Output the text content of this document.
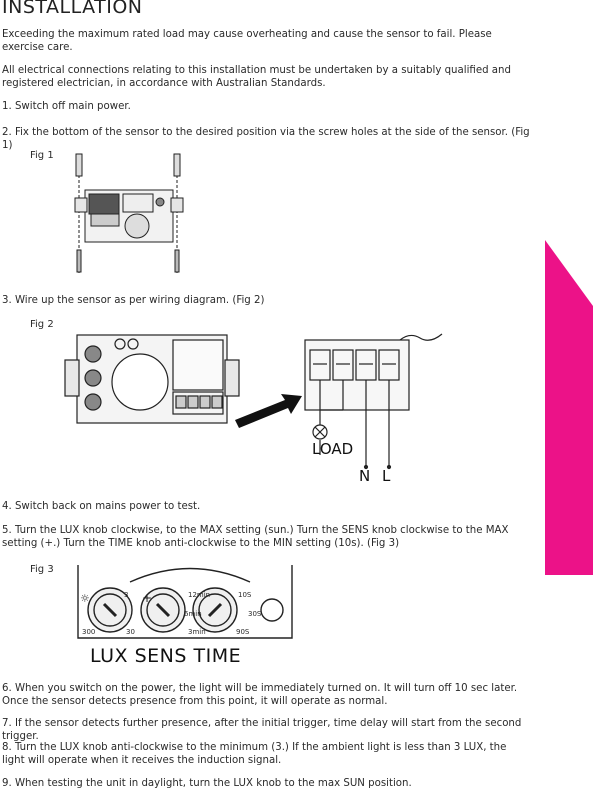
INSTALLATION
Exceeding the maximum rated load may cause overheating and cause the sensor to fail. Please exercise care.
All electrical connections relating to this installation must be undertaken by a suitably qualified and registered electrician, in accordance with Australian Standards.
1. Switch off main power.
2. Fix the bottom of the sensor to the desired position via the screw holes at the side of the sensor. (Fig 1)
Fig 1
3. Wire up the sensor as per wiring diagram. (Fig 2)
Fig 2
LOAD
N L
4. Switch back on mains power to test.
5. Turn the LUX knob clockwise, to the MAX setting (sun.) Turn the SENS knob clockwise to the MAX setting (+.) Turn the TIME knob anti-clockwise to the MIN setting (10s). (Fig 3)
Fig 3
☼	+
3
300	30
12min
6min
3min
10S
30S
90S
LUX SENS TIME
6. When you switch on the power, the light will be immediately turned on. It will turn off 10 sec later. Once the sensor detects presence from this point, it will operate as normal.
7. If the sensor detects further presence, after the initial trigger, time delay will start from the second trigger.
8. Turn the LUX knob anti-clockwise to the minimum (3.) If the ambient light is less than 3 LUX, the light will operate when it receives the induction signal.
9. When testing the unit in daylight, turn the LUX knob to the max SUN position.
